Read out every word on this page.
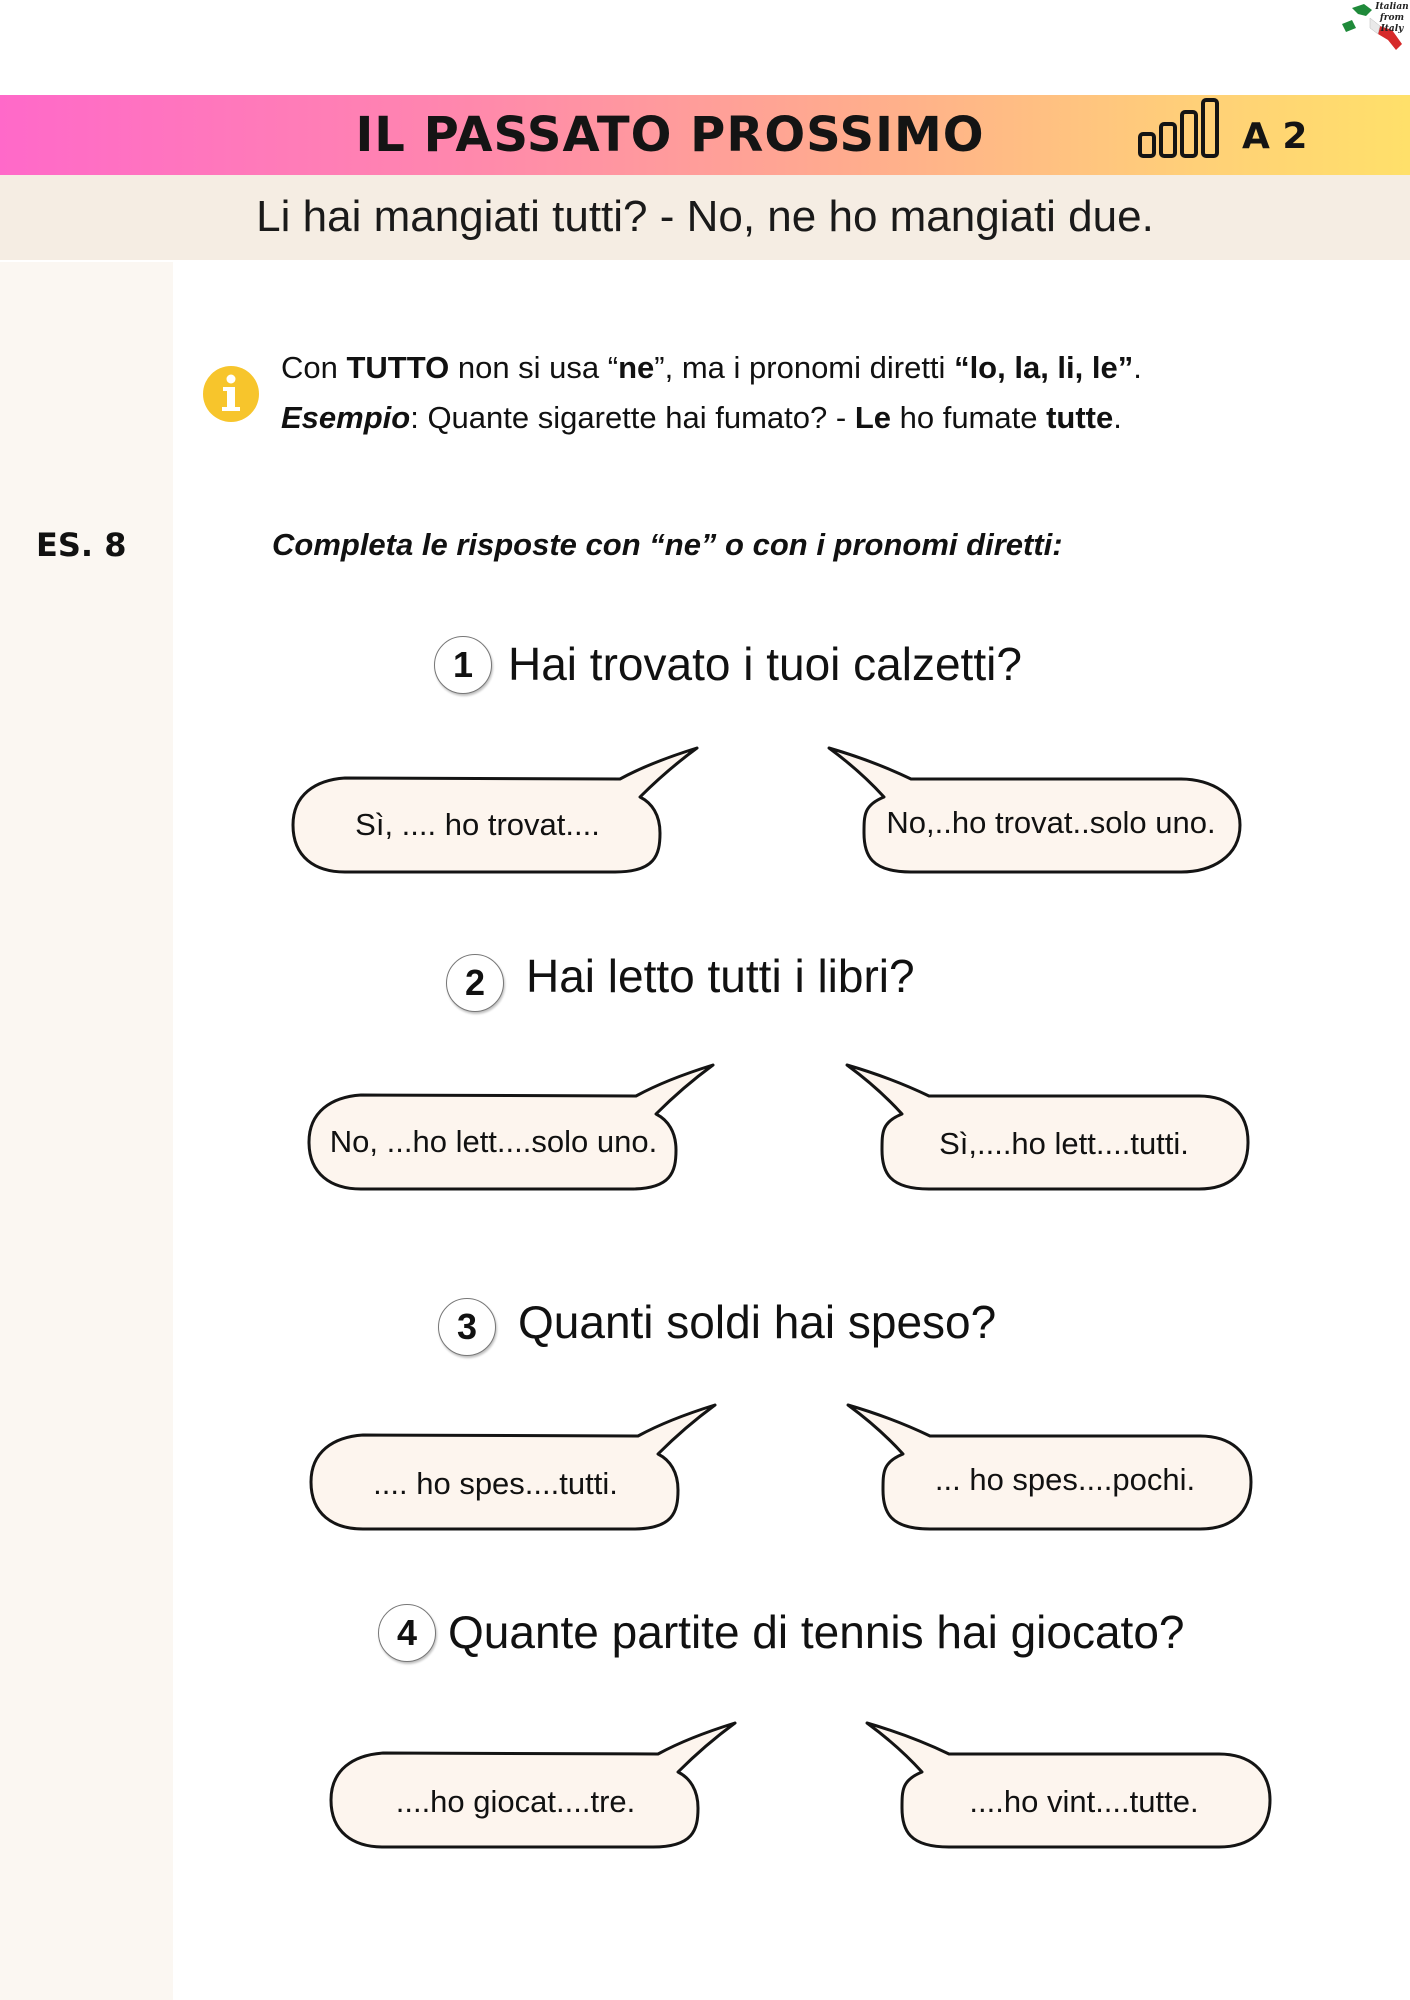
Italian from Italy
IL PASSATO PROSSIMO	A 2
Li hai mangiati tutti? - No, ne ho mangiati due.
Con TUTTO non si usa “ne”, ma i pronomi diretti “lo, la, li, le”.
Esempio: Quante sigarette hai fumato? - Le ho fumate tutte.
ES. 8	Completa le risposte con “ne” o con i pronomi diretti:
1 Hai trovato i tuoi calzetti?
2 Hai letto tutti i libri?
3 Quanti soldi hai speso?
4 Quante partite di tennis hai giocato?
Sì, .... ho trovat....	No,..ho trovat..solo uno.
No, ...ho lett....solo uno.	Sì,....ho lett....tutti.
.... ho spes....tutti.	... ho spes....pochi.
....ho giocat....tre.	....ho vint....tutte.
